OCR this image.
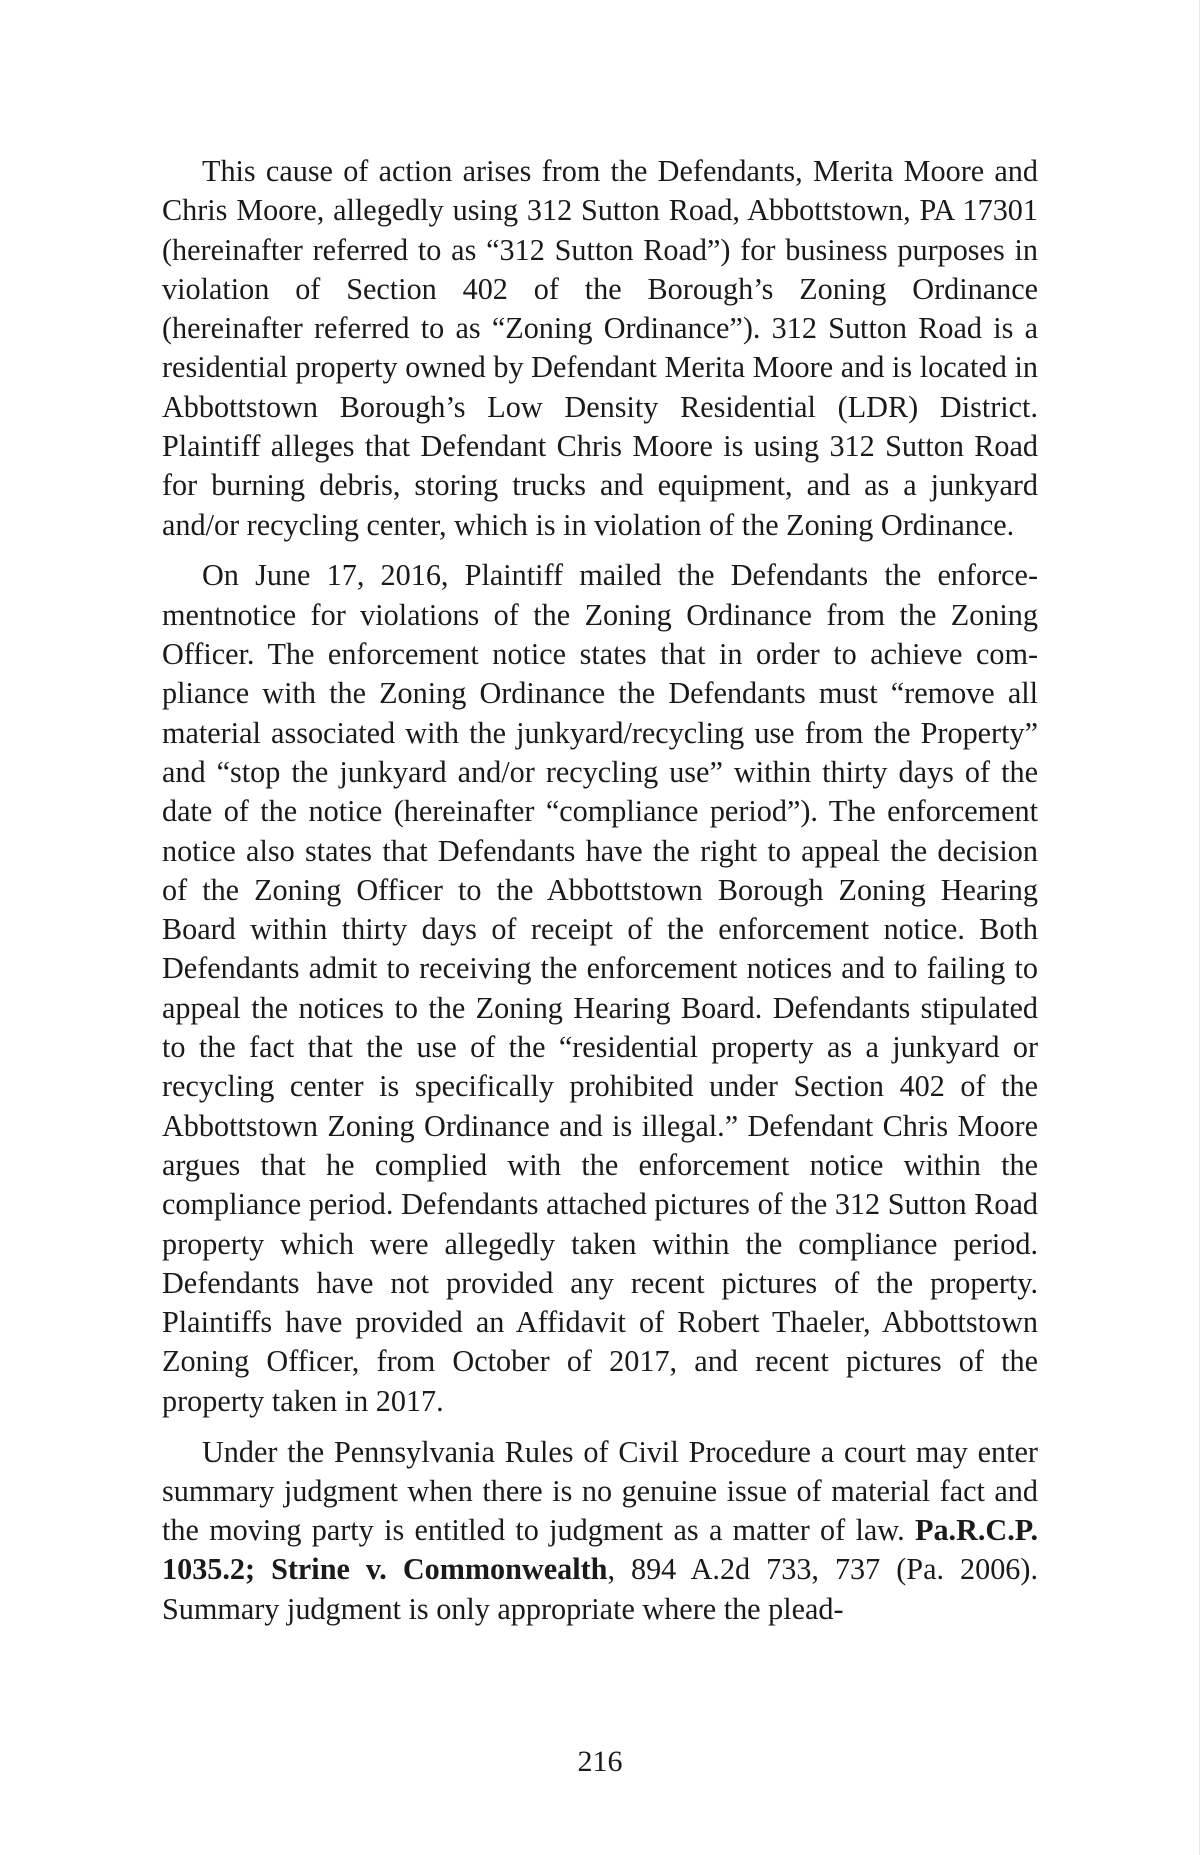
This cause of action arises from the Defendants, Merita Moore and Chris Moore, allegedly using 312 Sutton Road, Abbottstown, PA 17301 (hereinafter referred to as “312 Sutton Road”) for business purposes in violation of Section 402 of the Borough’s Zoning Ordinance (hereinafter referred to as “Zoning Ordinance”). 312 Sutton Road is a residential property owned by Defendant Merita Moore and is located in Abbottstown Borough’s Low Density Residential (LDR) District. Plaintiff alleges that Defendant Chris Moore is using 312 Sutton Road for burning debris, storing trucks and equipment, and as a junkyard and/or recycling center, which is in violation of the Zoning Ordinance.

On June 17, 2016, Plaintiff mailed the Defendants the enforcementnotice for violations of the Zoning Ordinance from the Zoning Officer. The enforcement notice states that in order to achieve compliance with the Zoning Ordinance the Defendants must “remove all material associated with the junkyard/recycling use from the Property” and “stop the junkyard and/or recycling use” within thirty days of the date of the notice (hereinafter “compliance period”). The enforcement notice also states that Defendants have the right to appeal the decision of the Zoning Officer to the Abbottstown Borough Zoning Hearing Board within thirty days of receipt of the enforcement notice. Both Defendants admit to receiving the enforcement notices and to failing to appeal the notices to the Zoning Hearing Board. Defendants stipulated to the fact that the use of the “residential property as a junkyard or recycling center is specifically prohibited under Section 402 of the Abbottstown Zoning Ordinance and is illegal.” Defendant Chris Moore argues that he complied with the enforcement notice within the compliance period. Defendants attached pictures of the 312 Sutton Road property which were allegedly taken within the compliance period. Defendants have not provided any recent pictures of the property. Plaintiffs have provided an Affidavit of Robert Thaeler, Abbottstown Zoning Officer, from October of 2017, and recent pictures of the property taken in 2017.

Under the Pennsylvania Rules of Civil Procedure a court may enter summary judgment when there is no genuine issue of material fact and the moving party is entitled to judgment as a matter of law. Pa.R.C.P. 1035.2; Strine v. Commonwealth, 894 A.2d 733, 737 (Pa. 2006). Summary judgment is only appropriate where the plead-

216
